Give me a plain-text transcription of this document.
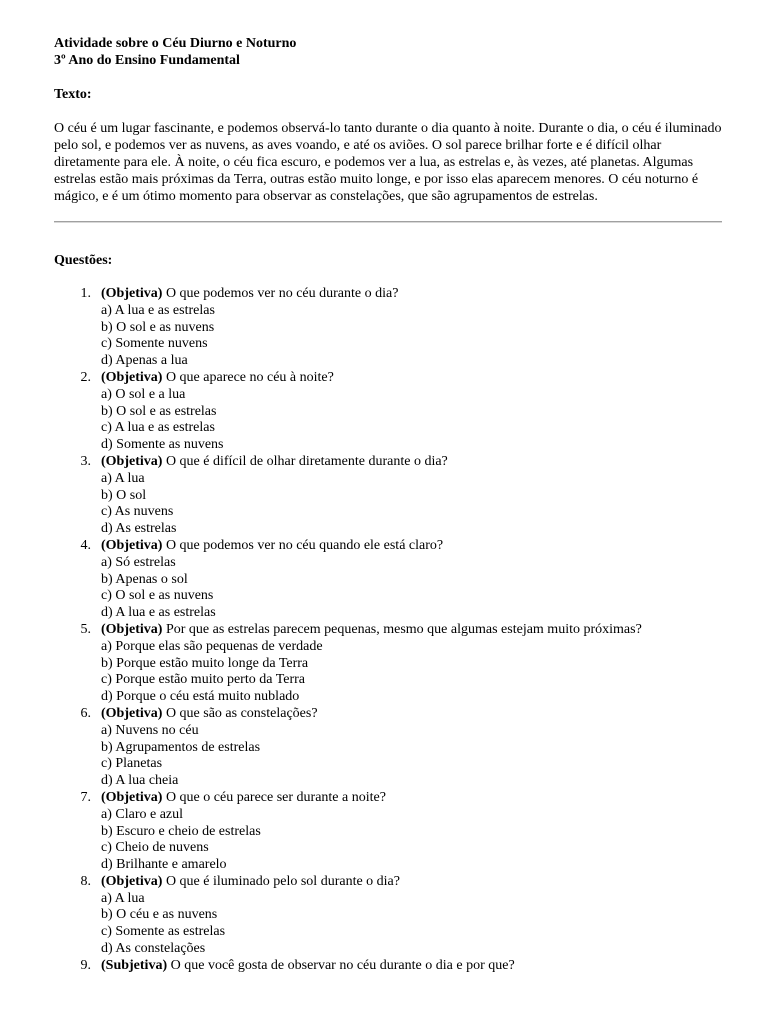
Atividade sobre o Céu Diurno e Noturno
3º Ano do Ensino Fundamental
Texto:
O céu é um lugar fascinante, e podemos observá-lo tanto durante o dia quanto à noite. Durante o dia, o céu é iluminado pelo sol, e podemos ver as nuvens, as aves voando, e até os aviões. O sol parece brilhar forte e é difícil olhar diretamente para ele. À noite, o céu fica escuro, e podemos ver a lua, as estrelas e, às vezes, até planetas. Algumas estrelas estão mais próximas da Terra, outras estão muito longe, e por isso elas aparecem menores. O céu noturno é mágico, e é um ótimo momento para observar as constelações, que são agrupamentos de estrelas.
Questões:
1. (Objetiva) O que podemos ver no céu durante o dia?
a) A lua e as estrelas
b) O sol e as nuvens
c) Somente nuvens
d) Apenas a lua
2. (Objetiva) O que aparece no céu à noite?
a) O sol e a lua
b) O sol e as estrelas
c) A lua e as estrelas
d) Somente as nuvens
3. (Objetiva) O que é difícil de olhar diretamente durante o dia?
a) A lua
b) O sol
c) As nuvens
d) As estrelas
4. (Objetiva) O que podemos ver no céu quando ele está claro?
a) Só estrelas
b) Apenas o sol
c) O sol e as nuvens
d) A lua e as estrelas
5. (Objetiva) Por que as estrelas parecem pequenas, mesmo que algumas estejam muito próximas?
a) Porque elas são pequenas de verdade
b) Porque estão muito longe da Terra
c) Porque estão muito perto da Terra
d) Porque o céu está muito nublado
6. (Objetiva) O que são as constelações?
a) Nuvens no céu
b) Agrupamentos de estrelas
c) Planetas
d) A lua cheia
7. (Objetiva) O que o céu parece ser durante a noite?
a) Claro e azul
b) Escuro e cheio de estrelas
c) Cheio de nuvens
d) Brilhante e amarelo
8. (Objetiva) O que é iluminado pelo sol durante o dia?
a) A lua
b) O céu e as nuvens
c) Somente as estrelas
d) As constelações
9. (Subjetiva) O que você gosta de observar no céu durante o dia e por que?
